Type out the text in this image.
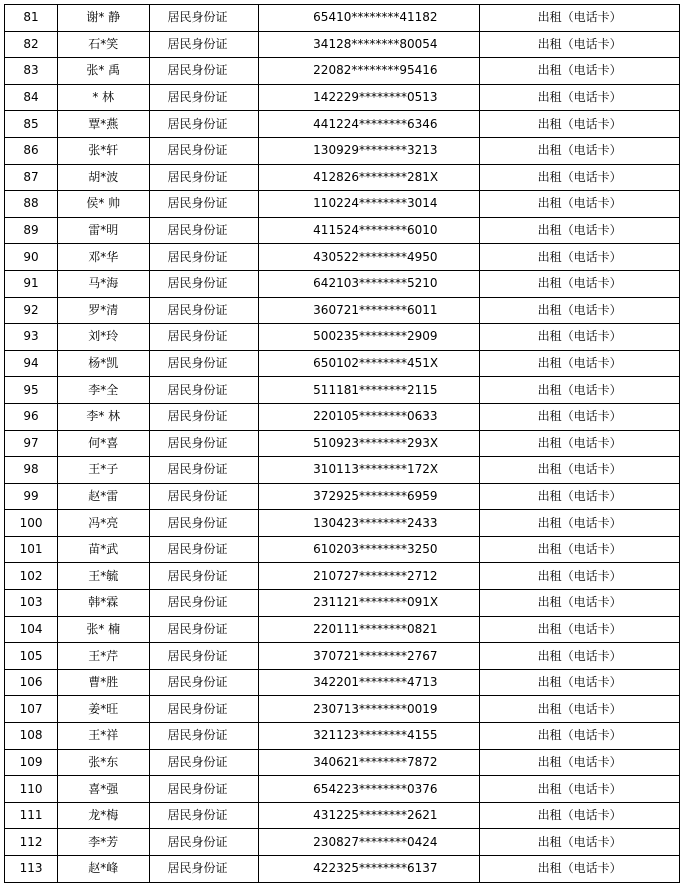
81	谢* 静	居民身份证	65410********41182	出租（电话卡）
82	石*笑	居民身份证	34128********80054	出租（电话卡）
83	张* 禹	居民身份证	22082********95416	出租（电话卡）
84	* 林	居民身份证	142229********0513	出租（电话卡）
85	覃*燕	居民身份证	441224********6346	出租（电话卡）
86	张*轩	居民身份证	130929********3213	出租（电话卡）
87	胡*波	居民身份证	412826********281X	出租（电话卡）
88	侯* 帅	居民身份证	110224********3014	出租（电话卡）
89	雷*明	居民身份证	411524********6010	出租（电话卡）
90	邓*华	居民身份证	430522********4950	出租（电话卡）
91	马*海	居民身份证	642103********5210	出租（电话卡）
92	罗*清	居民身份证	360721********6011	出租（电话卡）
93	刘*玲	居民身份证	500235********2909	出租（电话卡）
94	杨*凯	居民身份证	650102********451X	出租（电话卡）
95	李*全	居民身份证	511181********2115	出租（电话卡）
96	李* 林	居民身份证	220105********0633	出租（电话卡）
97	何*喜	居民身份证	510923********293X	出租（电话卡）
98	王*子	居民身份证	310113********172X	出租（电话卡）
99	赵*雷	居民身份证	372925********6959	出租（电话卡）
100	冯*亮	居民身份证	130423********2433	出租（电话卡）
101	苗*武	居民身份证	610203********3250	出租（电话卡）
102	王*毓	居民身份证	210727********2712	出租（电话卡）
103	韩*霖	居民身份证	231121********091X	出租（电话卡）
104	张* 楠	居民身份证	220111********0821	出租（电话卡）
105	王*芹	居民身份证	370721********2767	出租（电话卡）
106	曹*胜	居民身份证	342201********4713	出租（电话卡）
107	姜*旺	居民身份证	230713********0019	出租（电话卡）
108	王*祥	居民身份证	321123********4155	出租（电话卡）
109	张*东	居民身份证	340621********7872	出租（电话卡）
110	喜*强	居民身份证	654223********0376	出租（电话卡）
111	龙*梅	居民身份证	431225********2621	出租（电话卡）
112	李*芳	居民身份证	230827********0424	出租（电话卡）
113	赵*峰	居民身份证	422325********6137	出租（电话卡）
